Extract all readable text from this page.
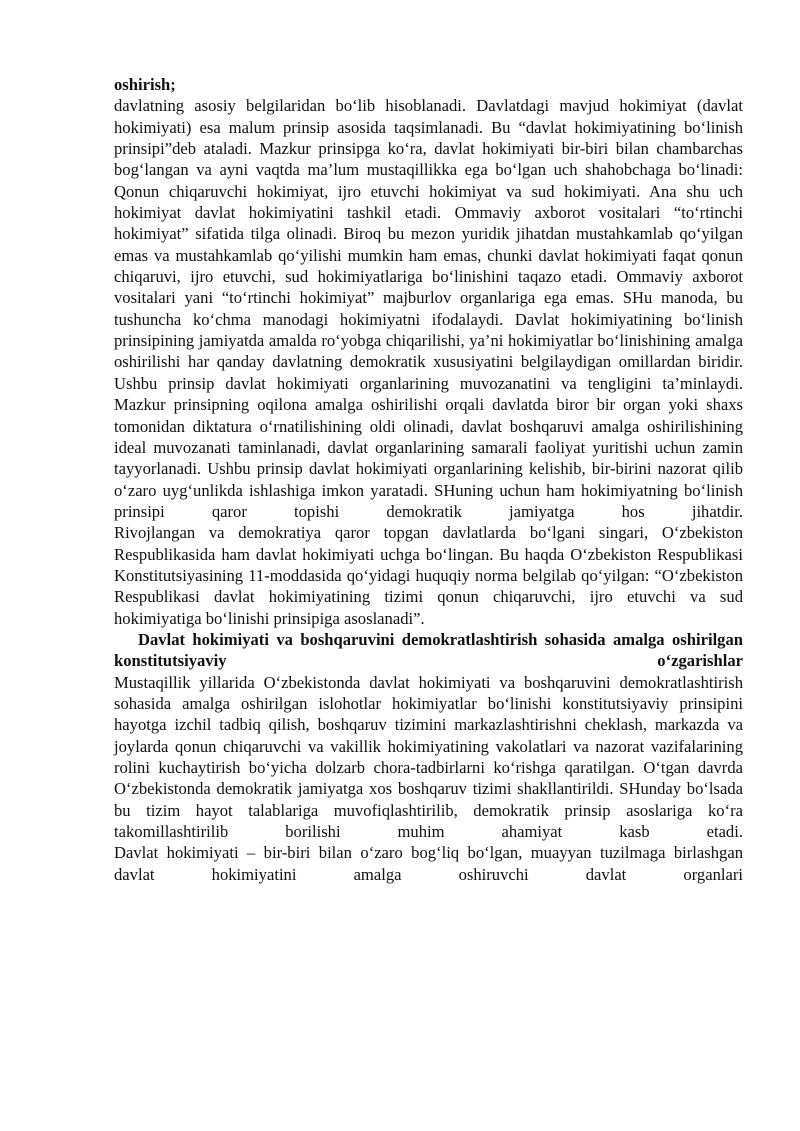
oshirish;

davlatning asosiy belgilaridan bo‘lib hisoblanadi. Davlatdagi mavjud hokimiyat (davlat hokimiyati) esa malum prinsip asosida taqsimlanadi. Bu “davlat hokimiyatining bo‘linish prinsipi”deb ataladi. Mazkur prinsipga ko‘ra, davlat hokimiyati bir-biri bilan chambarchas bog‘langan va ayni vaqtda ma’lum mustaqillikka ega bo‘lgan uch shahobchaga bo‘linadi: Qonun chiqaruvchi hokimiyat, ijro etuvchi hokimiyat va sud hokimiyati. Ana shu uch hokimiyat davlat hokimiyatini tashkil etadi. Ommaviy axborot vositalari “to‘rtinchi hokimiyat” sifatida tilga olinadi. Biroq bu mezon yuridik jihatdan mustahkamlab qo‘yilgan emas va mustahkamlab qo‘yilishi mumkin ham emas, chunki davlat hokimiyati faqat qonun chiqaruvi, ijro etuvchi, sud hokimiyatlariga bo‘linishini taqazo etadi. Ommaviy axborot vositalari yani “to‘rtinchi hokimiyat” majburlov organlariga ega emas. SHu manoda, bu tushuncha ko‘chma manodagi hokimiyatni ifodalaydi. Davlat hokimiyatining bo‘linish prinsipining jamiyatda amalda ro‘yobga chiqarilishi, ya’ni hokimiyatlar bo‘linishining amalga oshirilishi har qanday davlatning demokratik xususiyatini belgilaydigan omillardan biridir.

Ushbu prinsip davlat hokimiyati organlarining muvozanatini va tengligini ta’minlaydi. Mazkur prinsipning oqilona amalga oshirilishi orqali davlatda biror bir organ yoki shaxs tomonidan diktatura o‘rnatilishining oldi olinadi, davlat boshqaruvi amalga oshirilishining ideal muvozanati taminlanadi, davlat organlarining samarali faoliyat yuritishi uchun zamin tayyorlanadi. Ushbu prinsip davlat hokimiyati organlarining kelishib, bir-birini nazorat qilib o‘zaro uyg‘unlikda ishlashiga imkon yaratadi. SHuning uchun ham hokimiyatning bo‘linish prinsipi qaror topishi demokratik jamiyatga hos jihatdir.

Rivojlangan va demokratiya qaror topgan davlatlarda bo‘lgani singari, O‘zbekiston Respublikasida ham davlat hokimiyati uchga bo‘lingan. Bu haqda O‘zbekiston Respublikasi Konstitutsiyasining 11-moddasida qo‘yidagi huquqiy norma belgilab qo‘yilgan: “O‘zbekiston Respublikasi davlat hokimiyatining tizimi qonun chiqaruvchi, ijro etuvchi va sud hokimiyatiga bo‘linishi prinsipiga asoslanadi”.

Davlat hokimiyati va boshqaruvini demokratlashtirish sohasida amalga oshirilgan konstitutsiyaviy o‘zgarishlar

Mustaqillik yillarida O‘zbekistonda davlat hokimiyati va boshqaruvini demokratlashtirish sohasida amalga oshirilgan islohotlar hokimiyatlar bo‘linishi konstitutsiyaviy prinsipini hayotga izchil tadbiq qilish, boshqaruv tizimini markazlashtirishni cheklash, markazda va joylarda qonun chiqaruvchi va vakillik hokimiyatining vakolatlari va nazorat vazifalarining rolini kuchaytirish bo‘yicha dolzarb chora-tadbirlarni ko‘rishga qaratilgan. O‘tgan davrda O‘zbekistonda demokratik jamiyatga xos boshqaruv tizimi shakllantirildi. SHunday bo‘lsada bu tizim hayot talablariga muvofiqlashtirilib, demokratik prinsip asoslariga ko‘ra takomillashtirilib borilishi muhim ahamiyat kasb etadi.

Davlat hokimiyati – bir-biri bilan o‘zaro bog‘liq bo‘lgan, muayyan tuzilmaga birlashgan davlat hokimiyatini amalga oshiruvchi davlat organlari
